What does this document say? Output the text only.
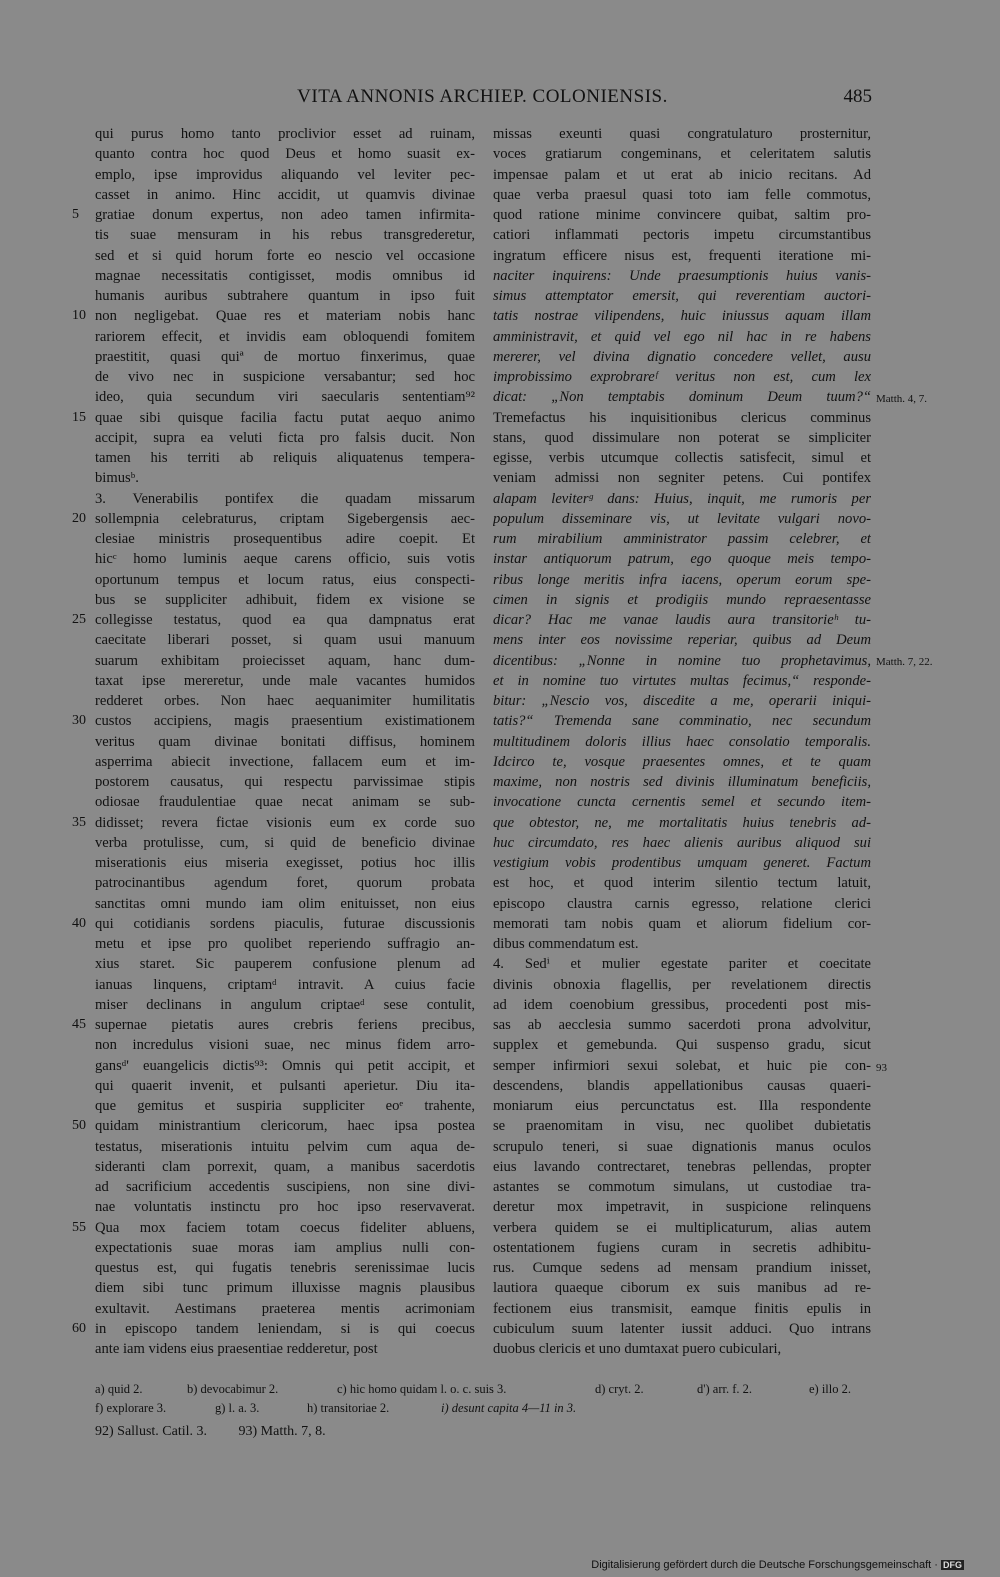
VITA ANNONIS ARCHIEP. COLONIENSIS.	485
5
10
15
20
25
30
35
40
45
50
55
60
qui purus homo tanto proclivior esset ad ruinam,
quanto contra hoc quod Deus et homo suasit ex-
emplo, ipse improvidus aliquando vel leviter pec-
casset in animo. Hinc accidit, ut quamvis divinae
gratiae donum expertus, non adeo tamen infirmita-
tis suae mensuram in his rebus transgrederetur,
sed et si quid horum forte eo nescio vel occasione
magnae necessitatis contigisset, modis omnibus id
humanis auribus subtrahere quantum in ipso fuit
non negligebat. Quae res et materiam nobis hanc
rariorem effecit, et invidis eam obloquendi fomitem
praestitit, quasi quiª de mortuo finxerimus, quae
de vivo nec in suspicione versabantur; sed hoc
ideo, quia secundum viri saecularis sententiam⁹²
quae sibi quisque facilia factu putat aequo animo
accipit, supra ea veluti ficta pro falsis ducit. Non
tamen his territi ab reliquis aliquatenus tempera-
bimusᵇ.
3. Venerabilis pontifex die quadam missarum
sollempnia celebraturus, criptam Sigebergensis aec-
clesiae ministris prosequentibus adire coepit. Et
hicᶜ homo luminis aeque carens officio, suis votis
oportunum tempus et locum ratus, eius conspecti-
bus se suppliciter adhibuit, fidem ex visione se
collegisse testatus, quod ea qua dampnatus erat
caecitate liberari posset, si quam usui manuum
suarum exhibitam proiecisset aquam, hanc dum-
taxat ipse mereretur, unde male vacantes humidos
redderet orbes. Non haec aequanimiter humilitatis
custos accipiens, magis praesentium existimationem
veritus quam divinae bonitati diffisus, hominem
asperrima abiecit invectione, fallacem eum et im-
postorem causatus, qui respectu parvissimae stipis
odiosae fraudulentiae quae necat animam se sub-
didisset; revera fictae visionis eum ex corde suo
verba protulisse, cum, si quid de beneficio divinae
miserationis eius miseria exegisset, potius hoc illis
patrocinantibus agendum foret, quorum probata
sanctitas omni mundo iam olim enituisset, non eius
qui cotidianis sordens piaculis, futurae discussionis
metu et ipse pro quolibet reperiendo suffragio an-
xius staret. Sic pauperem confusione plenum ad
ianuas linquens, criptamᵈ intravit. A cuius facie
miser declinans in angulum criptaeᵈ sese contulit,
supernae pietatis aures crebris feriens precibus,
non incredulus visioni suae, nec minus fidem arro-
gansᵈ' euangelicis dictis⁹³: Omnis qui petit accipit, et
qui quaerit invenit, et pulsanti aperietur. Diu ita-
que gemitus et suspiria suppliciter eoᵉ trahente,
quidam ministrantium clericorum, haec ipsa postea
testatus, miserationis intuitu pelvim cum aqua de-
sideranti clam porrexit, quam, a manibus sacerdotis
ad sacrificium accedentis suscipiens, non sine divi-
nae voluntatis instinctu pro hoc ipso reservaverat.
Qua mox faciem totam coecus fideliter abluens,
expectationis suae moras iam amplius nulli con-
questus est, qui fugatis tenebris serenissimae lucis
diem sibi tunc primum illuxisse magnis plausibus
exultavit. Aestimans praeterea mentis acrimoniam
in episcopo tandem leniendam, si is qui coecus
ante iam videns eius praesentiae redderetur, post
missas exeunti quasi congratulaturo prosternitur,
voces gratiarum congeminans, et celeritatem salutis
impensae palam et ut erat ab inicio recitans. Ad
quae verba praesul quasi toto iam felle commotus,
quod ratione minime convincere quibat, saltim pro-
catiori inflammati pectoris impetu circumstantibus
ingratum efficere nisus est, frequenti iteratione mi-
naciter inquirens: Unde praesumptionis huius vanis-
simus attemptator emersit, qui reverentiam auctori-
tatis nostrae vilipendens, huic iniussus aquam illam
amministravit, et quid vel ego nil hac in re habens
mererer, vel divina dignatio concedere vellet, ausu
improbissimo exprobrareᶠ veritus non est, cum lex
dicat: „Non temptabis dominum Deum tuum?“
Tremefactus his inquisitionibus clericus comminus
stans, quod dissimulare non poterat se simpliciter
egisse, verbis utcumque collectis satisfecit, simul et
veniam admissi non segniter petens. Cui pontifex
alapam leviterᵍ dans: Huius, inquit, me rumoris per
populum disseminare vis, ut levitate vulgari novo-
rum mirabilium amministrator passim celebrer, et
instar antiquorum patrum, ego quoque meis tempo-
ribus longe meritis infra iacens, operum eorum spe-
cimen in signis et prodigiis mundo repraesentasse
dicar? Hac me vanae laudis aura transitorieʰ tu-
mens inter eos novissime reperiar, quibus ad Deum
dicentibus: „Nonne in nomine tuo prophetavimus,
et in nomine tuo virtutes multas fecimus,“ responde-
bitur: „Nescio vos, discedite a me, operarii iniqui-
tatis?“ Tremenda sane comminatio, nec secundum
multitudinem doloris illius haec consolatio temporalis.
Idcirco te, vosque praesentes omnes, et te quam
maxime, non nostris sed divinis illuminatum beneficiis,
invocatione cuncta cernentis semel et secundo item-
que obtestor, ne, me mortalitatis huius tenebris ad-
huc circumdato, res haec alienis auribus aliquod sui
vestigium vobis prodentibus umquam generet. Factum
est hoc, et quod interim silentio tectum latuit,
episcopo claustra carnis egresso, relatione clerici
memorati tam nobis quam et aliorum fidelium cor-
dibus commendatum est.
4. Sedⁱ et mulier egestate pariter et coecitate
divinis obnoxia flagellis, per revelationem directis
ad idem coenobium gressibus, procedenti post mis-
sas ab aecclesia summo sacerdoti prona advolvitur,
supplex et gemebunda. Qui suspenso gradu, sicut
semper infirmiori sexui solebat, et huic pie con-
descendens, blandis appellationibus causas quaeri-
moniarum eius percunctatus est. Illa respondente
se praenomitam in visu, nec quolibet dubietatis
scrupulo teneri, si suae dignationis manus oculos
eius lavando contrectaret, tenebras pellendas, propter
astantes se commotum simulans, ut custodiae tra-
deretur mox impetravit, in suspicione relinquens
verbera quidem se ei multiplicaturum, alias autem
ostentationem fugiens curam in secretis adhibitu-
rus. Cumque sedens ad mensam prandium inisset,
lautiora quaeque ciborum ex suis manibus ad re-
fectionem eius transmisit, eamque finitis epulis in
cubiculum suum latenter iussit adduci. Quo intrans
duobus clericis et uno dumtaxat puero cubiculari,
Matth. 4, 7.
Matth. 7, 22.
93
a) quid 2.	b) devocabimur 2.	c) hic homo quidam l. o. c. suis 3.	d) cryt. 2.	d') arr. f. 2.	e) illo 2.
f) explorare 3.	g) l. a. 3.	h) transitoriae 2.	i) desunt capita 4—11 in 3.
92) Sallust. Catil. 3. 93) Matth. 7, 8.
Digitalisierung gefördert durch die Deutsche Forschungsgemeinschaft · DFG
